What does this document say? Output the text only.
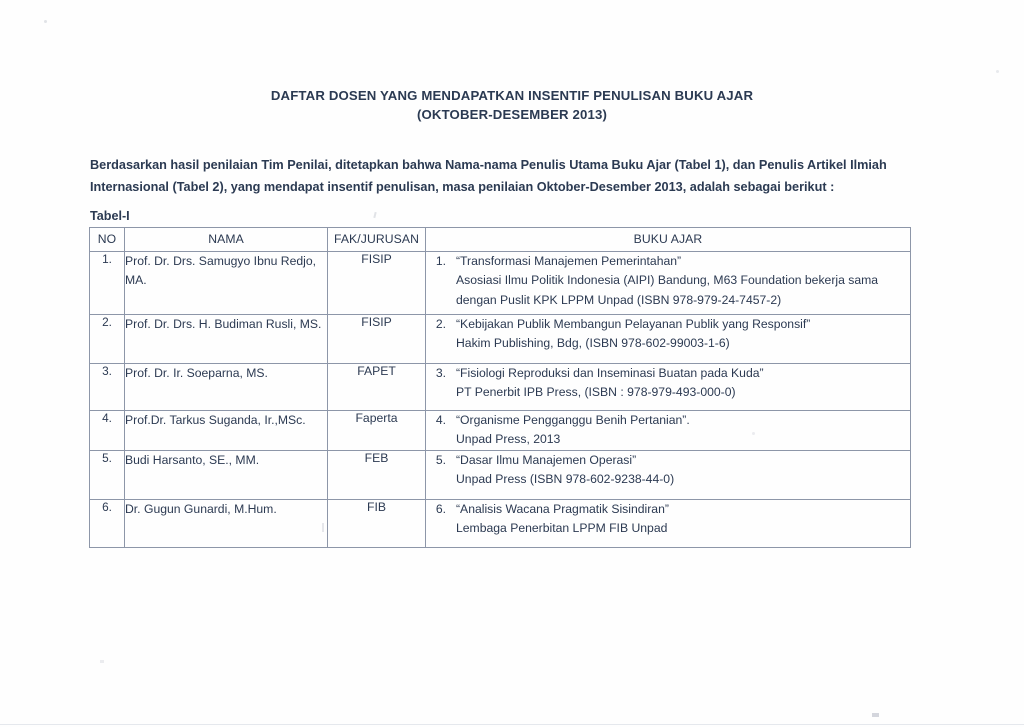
DAFTAR DOSEN YANG MENDAPATKAN INSENTIF PENULISAN BUKU AJAR
(OKTOBER-DESEMBER 2013)
Berdasarkan hasil penilaian Tim Penilai, ditetapkan bahwa Nama-nama Penulis Utama Buku Ajar (Tabel 1), dan Penulis Artikel Ilmiah
Internasional (Tabel 2), yang mendapat insentif penulisan, masa penilaian Oktober-Desember 2013, adalah sebagai berikut :
Tabel-I
NO	NAMA	FAK/JURUSAN	BUKU AJAR
1.	Prof. Dr. Drs. Samugyo Ibnu Redjo, MA.	FISIP	1. “Transformasi Manajemen Pemerintahan”
Asosiasi Ilmu Politik Indonesia (AIPI) Bandung, M63 Foundation bekerja sama
dengan Puslit KPK LPPM Unpad (ISBN 978-979-24-7457-2)

2.	Prof. Dr. Drs. H. Budiman Rusli, MS.	FISIP	2. “Kebijakan Publik Membangun Pelayanan Publik yang Responsif”
Hakim Publishing, Bdg, (ISBN 978-602-99003-1-6)

3.	Prof. Dr. Ir. Soeparna, MS.	FAPET	3. “Fisiologi Reproduksi dan Inseminasi Buatan pada Kuda”
PT Penerbit IPB Press, (ISBN : 978-979-493-000-0)

4.	Prof.Dr. Tarkus Suganda, Ir.,MSc.	Faperta	4. “Organisme Pengganggu Benih Pertanian”.
Unpad Press, 2013

5.	Budi Harsanto, SE., MM.	FEB	5. “Dasar Ilmu Manajemen Operasi”
Unpad Press (ISBN 978-602-9238-44-0)

6.	Dr. Gugun Gunardi, M.Hum.	FIB	6. “Analisis Wacana Pragmatik Sisindiran”
Lembaga Penerbitan LPPM FIB Unpad
